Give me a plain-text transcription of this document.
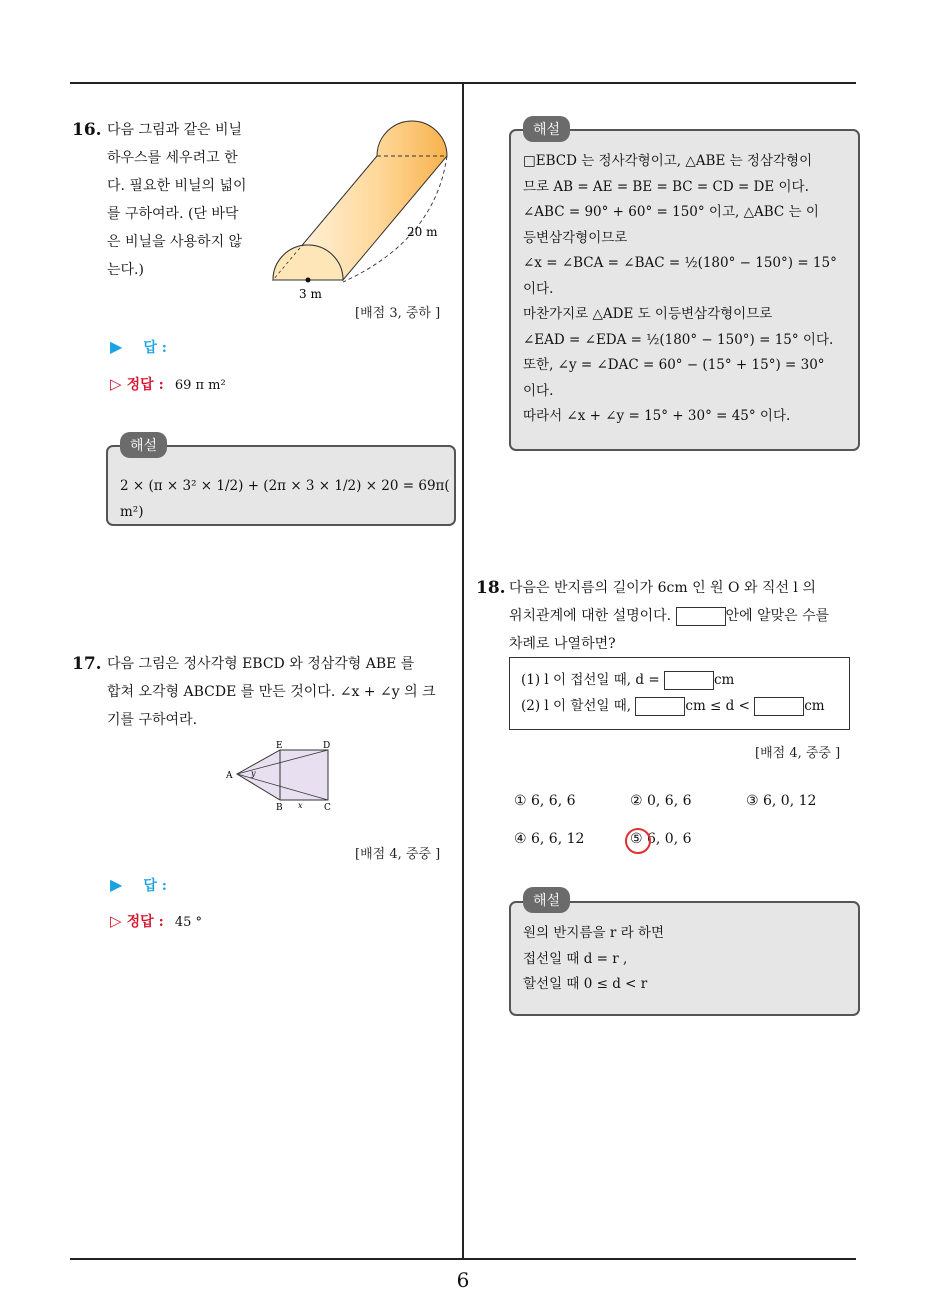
6
16. 다음 그림과 같은 비닐
하우스를 세우려고 한
다. 필요한 비닐의 넓이
를 구하여라. (단 바닥
은 비닐을 사용하지 않
는다.)
3 m
20 m
[배점 3, 중하 ]
▶ 답 :
▷ 정답 : 69 π m²
2 × (π × 3² × 1/2) + (2π × 3 × 1/2) × 20 = 69π( m²)
해설
17. 다음 그림은 정사각형 EBCD 와 정삼각형 ABE 를
합쳐 오각형 ABCDE 를 만든 것이다. ∠x + ∠y 의 크
기를 구하여라.
A
B	C
D
E
x
y
[배점 4, 중중 ]
▶ 답 :
▷ 정답 : 45 °
□EBCD 는 정사각형이고, △ABE 는 정삼각형이
므로 AB = AE = BE = BC = CD = DE 이다.
∠ABC = 90° + 60° = 150° 이고, △ABC 는 이
등변삼각형이므로
∠x = ∠BCA = ∠BAC = ½(180° − 150°) = 15°
이다.
마찬가지로 △ADE 도 이등변삼각형이므로
∠EAD = ∠EDA = ½(180° − 150°) = 15° 이다.
또한, ∠y = ∠DAC = 60° − (15° + 15°) = 30°
이다.
따라서 ∠x + ∠y = 15° + 30° = 45° 이다.
해설
18. 다음은 반지름의 길이가 6cm 인 원 O 와 직선 l 의
위치관계에 대한 설명이다.	안에 알맞은 수를
차례로 나열하면?
(1) l 이 접선일 때, d =	cm
(2) l 이 할선일 때,	cm ≤ d <	cm
[배점 4, 중중 ]
① 6, 6, 6	② 0, 6, 6	③ 6, 0, 12
④ 6, 6, 12	⑤ 6, 0, 6
원의 반지름을 r 라 하면
접선일 때 d = r ,
할선일 때 0 ≤ d < r
해설
